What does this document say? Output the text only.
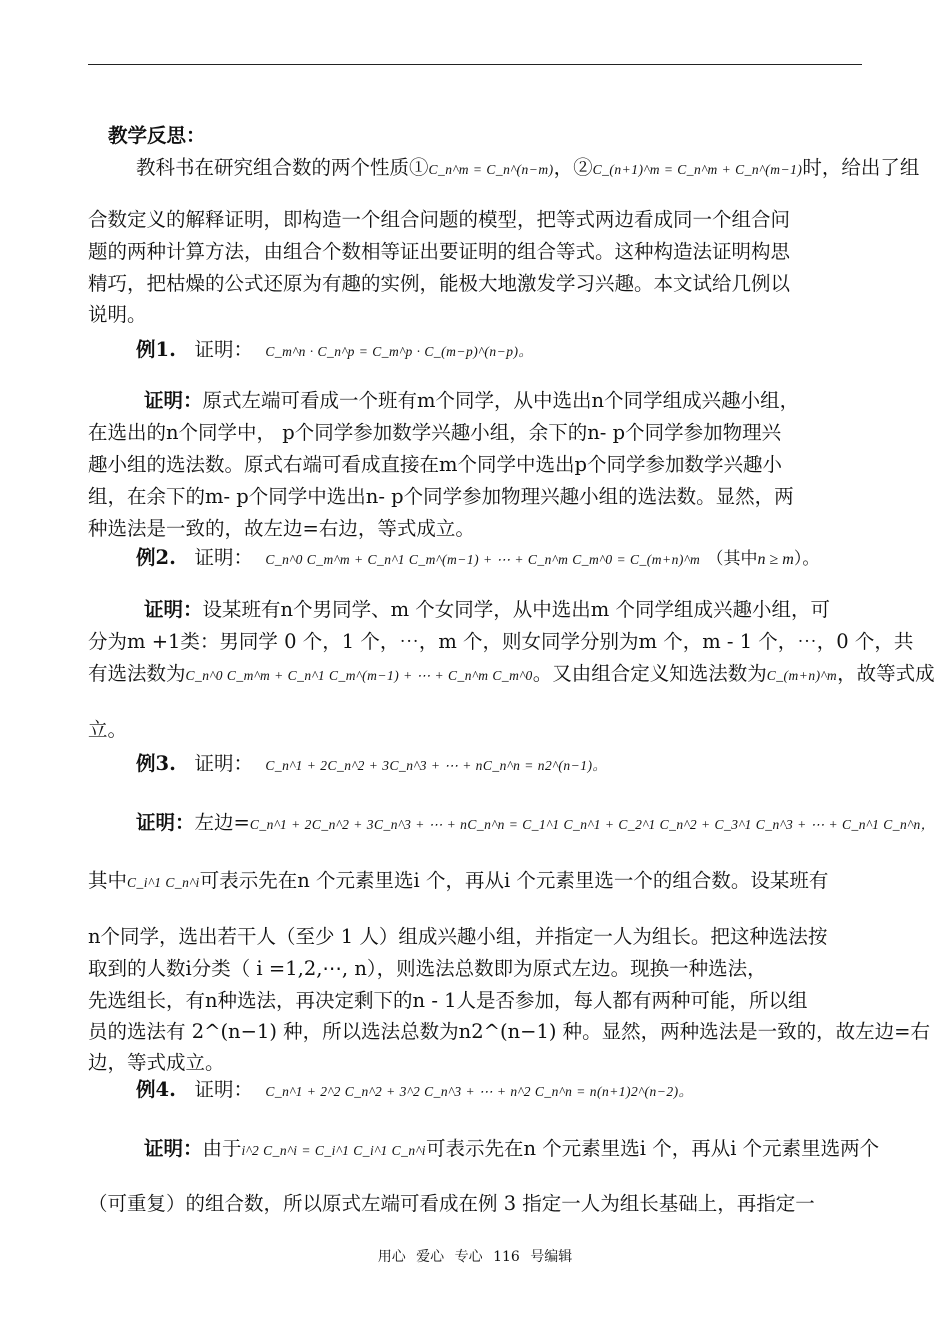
教学反思：
教科书在研究组合数的两个性质①C_n^m = C_n^(n−m)，②C_(n+1)^m = C_n^m + C_n^(m−1)时，给出了组
合数定义的解释证明，即构造一个组合问题的模型，把等式两边看成同一个组合问
题的两种计算方法，由组合个数相等证出要证明的组合等式。这种构造法证明构思
精巧，把枯燥的公式还原为有趣的实例，能极大地激发学习兴趣。本文试给几例以
说明。
例1. 证明： C_m^n · C_n^p = C_m^p · C_(m−p)^(n−p)。
证明：原式左端可看成一个班有m个同学，从中选出n个同学组成兴趣小组，
在选出的n个同学中， p个同学参加数学兴趣小组，余下的n- p个同学参加物理兴
趣小组的选法数。原式右端可看成直接在m个同学中选出p个同学参加数学兴趣小
组，在余下的m- p个同学中选出n- p个同学参加物理兴趣小组的选法数。显然，两
种选法是一致的，故左边=右边，等式成立。
例2. 证明： C_n^0 C_m^m + C_n^1 C_m^(m−1) + ⋯ + C_n^m C_m^0 = C_(m+n)^m （其中n ≥ m）。
证明：设某班有n个男同学、m 个女同学，从中选出m 个同学组成兴趣小组，可
分为m +1类：男同学 0 个，1 个，⋯，m 个，则女同学分别为m 个，m - 1 个，⋯，0 个，共
有选法数为C_n^0 C_m^m + C_n^1 C_m^(m−1) + ⋯ + C_n^m C_m^0。又由组合定义知选法数为C_(m+n)^m，故等式成
立。
例3. 证明： C_n^1 + 2C_n^2 + 3C_n^3 + ⋯ + nC_n^n = n2^(n−1)。
证明：左边=C_n^1 + 2C_n^2 + 3C_n^3 + ⋯ + nC_n^n = C_1^1 C_n^1 + C_2^1 C_n^2 + C_3^1 C_n^3 + ⋯ + C_n^1 C_n^n，
其中C_i^1 C_n^i可表示先在n 个元素里选i 个，再从i 个元素里选一个的组合数。设某班有
n个同学，选出若干人（至少 1 人）组成兴趣小组，并指定一人为组长。把这种选法按
取到的人数i分类（ i =1,2,⋯, n），则选法总数即为原式左边。现换一种选法，
先选组长，有n种选法，再决定剩下的n - 1人是否参加，每人都有两种可能，所以组
员的选法有 2^(n−1) 种，所以选法总数为n2^(n−1) 种。显然，两种选法是一致的，故左边=右
边，等式成立。
例4. 证明： C_n^1 + 2^2 C_n^2 + 3^2 C_n^3 + ⋯ + n^2 C_n^n = n(n+1)2^(n−2)。
证明：由于i^2 C_n^i = C_i^1 C_i^1 C_n^i可表示先在n 个元素里选i 个，再从i 个元素里选两个
（可重复）的组合数，所以原式左端可看成在例 3 指定一人为组长基础上，再指定一
用心 爱心 专心 116 号编辑
